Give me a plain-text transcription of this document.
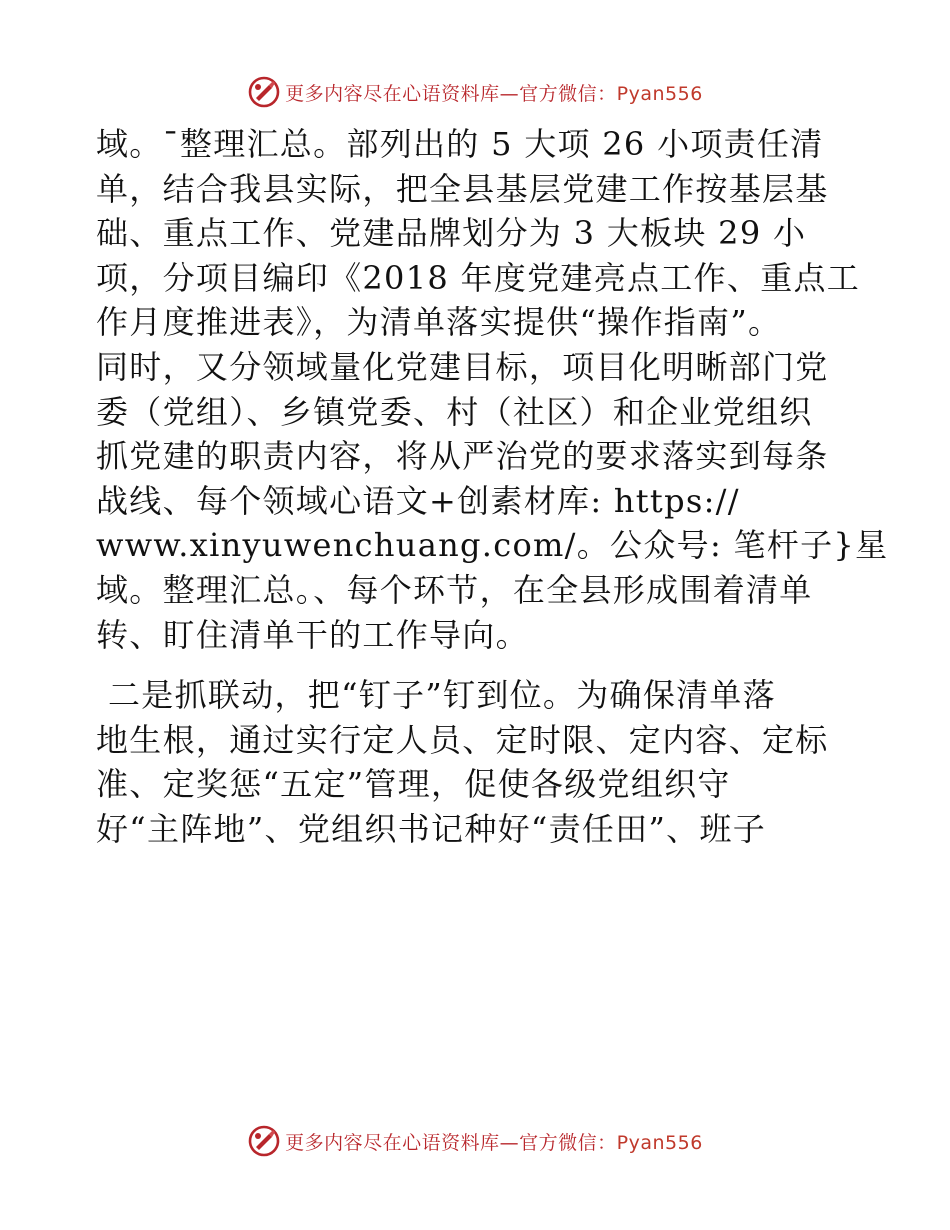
更多内容尽在心语资料库—官方微信：Pyan556
域。¯整理汇总。部列出的 5 大项 26 小项责任清
单，结合我县实际，把全县基层党建工作按基层基
础、重点工作、党建品牌划分为 3 大板块 29 小
项，分项目编印《2018 年度党建亮点工作、重点工
作月度推进表》，为清单落实提供“操作指南”。
同时，又分领域量化党建目标，项目化明晰部门党
委（党组）、乡镇党委、村（社区）和企业党组织
抓党建的职责内容，将从严治党的要求落实到每条
战线、每个领域心语文+创素材库: https://
www.xinyuwenchuang.com/。公众号: 笔杆子}星
域。整理汇总。、每个环节，在全县形成围着清单
转、盯住清单干的工作导向。
二是抓联动，把“钉子”钉到位。为确保清单落
地生根，通过实行定人员、定时限、定内容、定标
准、定奖惩“五定”管理，促使各级党组织守
好“主阵地”、党组织书记种好“责任田”、班子
更多内容尽在心语资料库—官方微信：Pyan556
